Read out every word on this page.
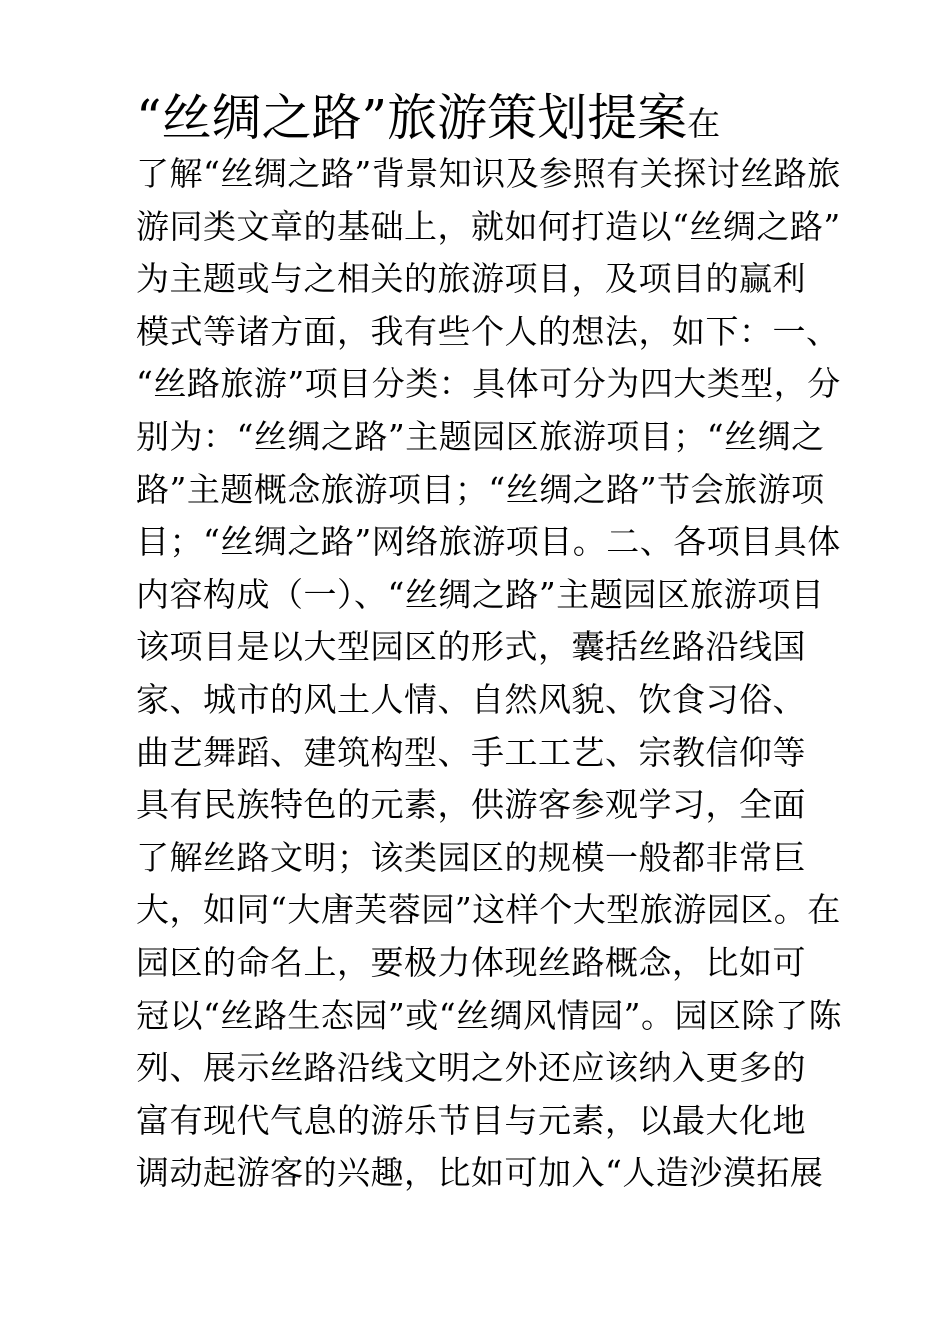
“丝绸之路”旅游策划提案在
了解“丝绸之路”背景知识及参照有关探讨丝路旅
游同类文章的基础上，就如何打造以“丝绸之路”
为主题或与之相关的旅游项目，及项目的赢利
模式等诸方面，我有些个人的想法，如下：一、
“丝路旅游”项目分类：具体可分为四大类型，分
别为：“丝绸之路”主题园区旅游项目；“丝绸之
路”主题概念旅游项目；“丝绸之路”节会旅游项
目；“丝绸之路”网络旅游项目。二、各项目具体
内容构成（一）、“丝绸之路”主题园区旅游项目
该项目是以大型园区的形式，囊括丝路沿线国
家、城市的风土人情、自然风貌、饮食习俗、
曲艺舞蹈、建筑构型、手工工艺、宗教信仰等
具有民族特色的元素，供游客参观学习，全面
了解丝路文明；该类园区的规模一般都非常巨
大，如同“大唐芙蓉园”这样个大型旅游园区。在
园区的命名上，要极力体现丝路概念，比如可
冠以“丝路生态园”或“丝绸风情园”。园区除了陈
列、展示丝路沿线文明之外还应该纳入更多的
富有现代气息的游乐节目与元素，以最大化地
调动起游客的兴趣，比如可加入“人造沙漠拓展
